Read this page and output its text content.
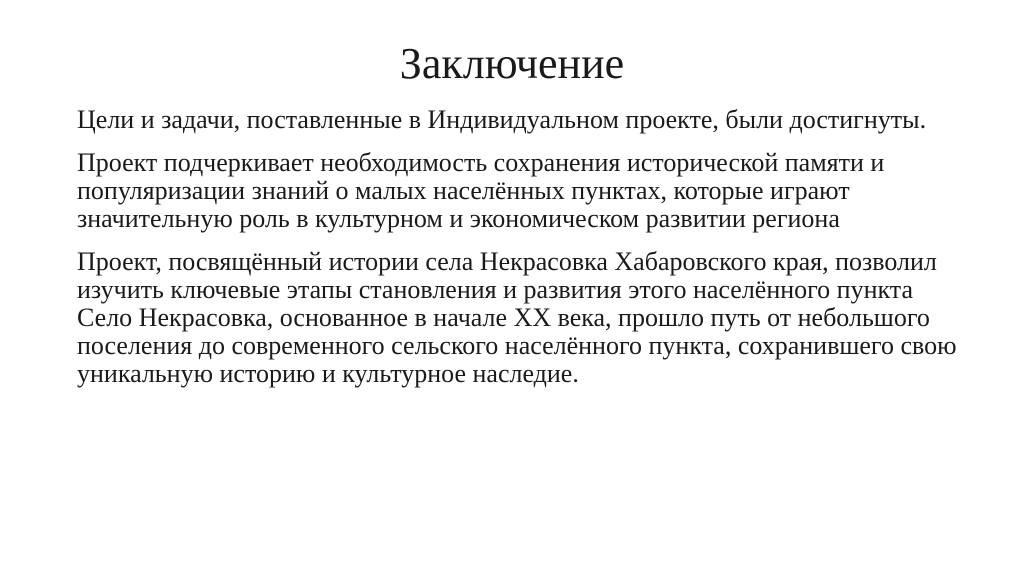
Заключение

Цели и задачи, поставленные в Индивидуальном проекте, были достигнуты.

Проект подчеркивает необходимость сохранения исторической памяти и популяризации знаний о малых населённых пунктах, которые играют значительную роль в культурном и экономическом развитии региона

Проект, посвящённый истории села Некрасовка Хабаровского края, позволил изучить ключевые этапы становления и развития этого населённого пункта Село Некрасовка, основанное в начале XX века, прошло путь от небольшого поселения до современного сельского населённого пункта, сохранившего свою уникальную историю и культурное наследие.
